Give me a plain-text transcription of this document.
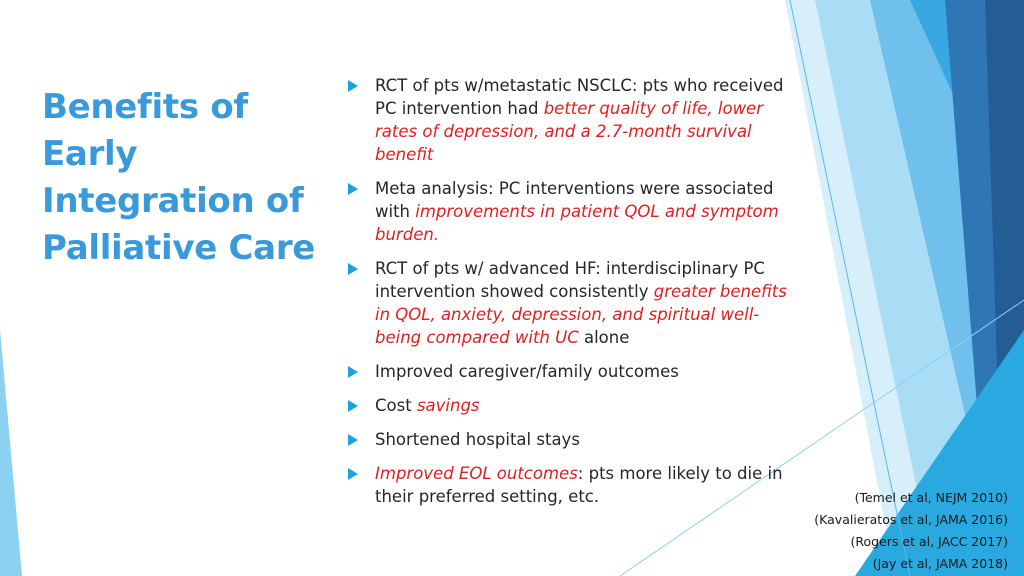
Benefits of Early
Integration of
Palliative Care
RCT of pts w/metastatic NSCLC: pts who received PC intervention had better quality of life, lower rates of depression, and a 2.7-month survival benefit
Meta analysis: PC interventions were associated with improvements in patient QOL and symptom burden.
RCT of pts w/ advanced HF: interdisciplinary PC intervention showed consistently greater benefits in QOL, anxiety, depression, and spiritual well-being compared with UC alone
Improved caregiver/family outcomes
Cost savings
Shortened hospital stays
Improved EOL outcomes: pts more likely to die in their preferred setting, etc.	(Temel et al, NEJM 2010)
(Kavalieratos et al, JAMA 2016)
(Rogers et al, JACC 2017)
(Jay et al, JAMA 2018)
